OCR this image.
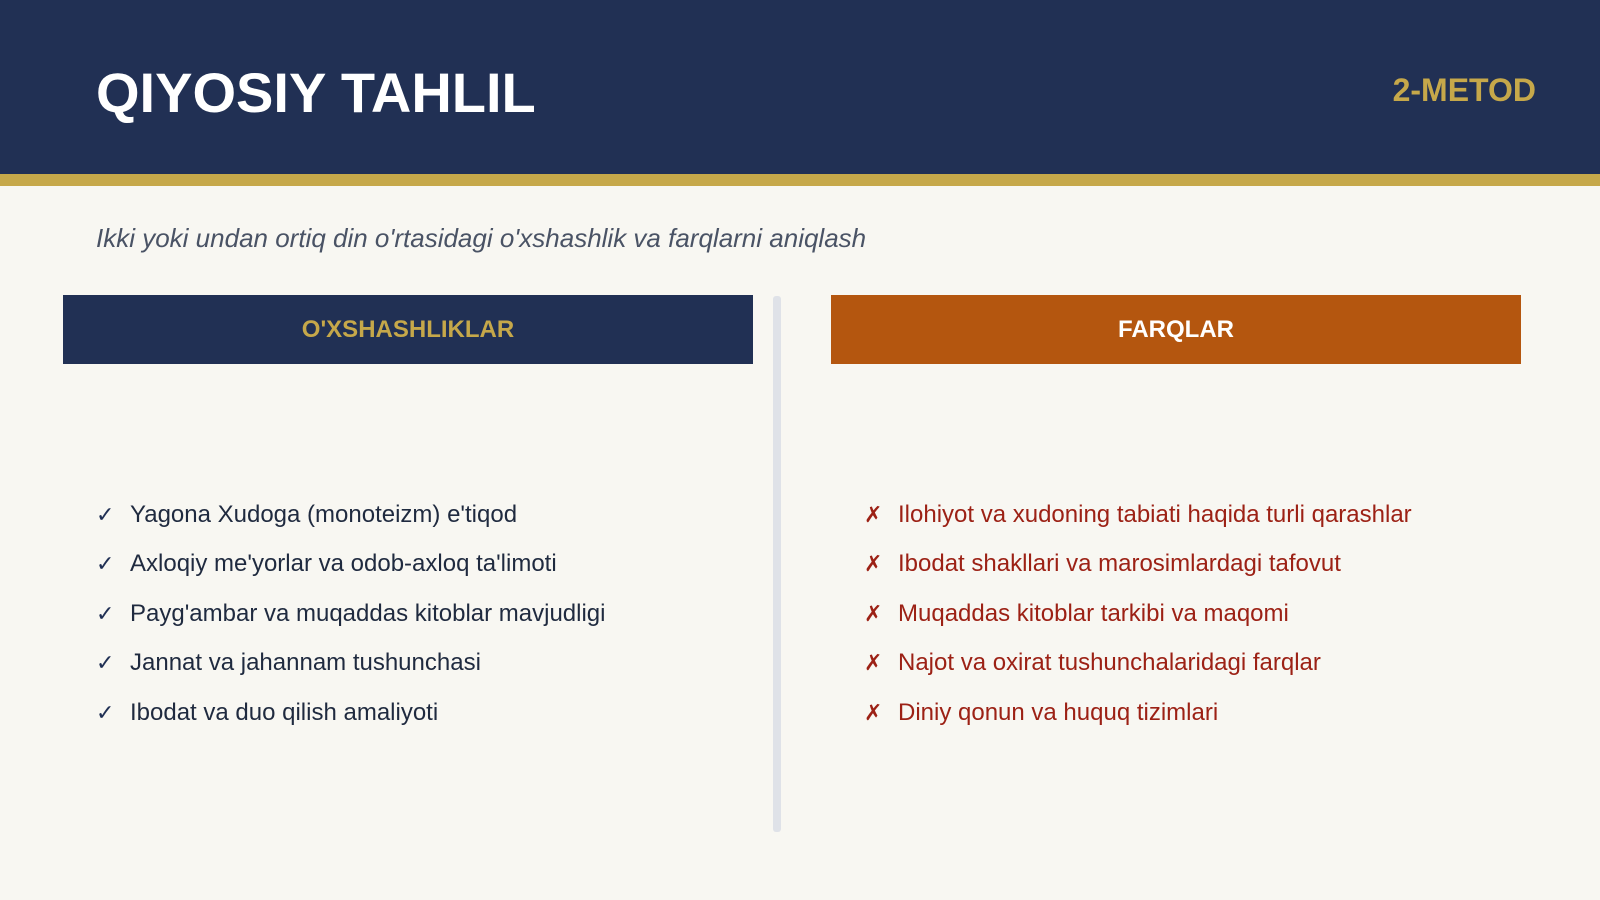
QIYOSIY TAHLIL	2-METOD
Ikki yoki undan ortiq din o'rtasidagi o'xshashlik va farqlarni aniqlash
O'XSHASHLIKLAR	FARQLAR
✓ Yagona Xudoga (monoteizm) e'tiqod
✓ Axloqiy me'yorlar va odob-axloq ta'limoti
✓ Payg'ambar va muqaddas kitoblar mavjudligi
✓ Jannat va jahannam tushunchasi
✓ Ibodat va duo qilish amaliyoti
✗ Ilohiyot va xudoning tabiati haqida turli qarashlar
✗ Ibodat shakllari va marosimlardagi tafovut
✗ Muqaddas kitoblar tarkibi va maqomi
✗ Najot va oxirat tushunchalaridagi farqlar
✗ Diniy qonun va huquq tizimlari
